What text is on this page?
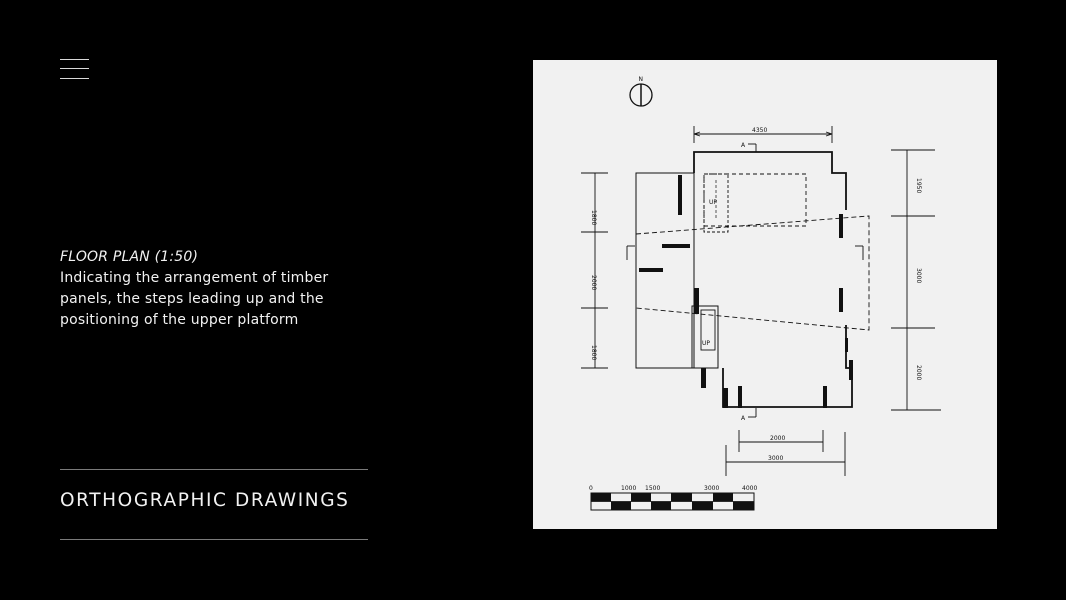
FLOOR PLAN (1:50)
Indicating the arrangement of timber panels, the steps leading up and the positioning of the upper platform
ORTHOGRAPHIC DRAWINGS
N
4350
A
UP
UP
1800
2000
1800
1950
3000
2000
A
2000
3000
0	1000 1500	3000	4000
